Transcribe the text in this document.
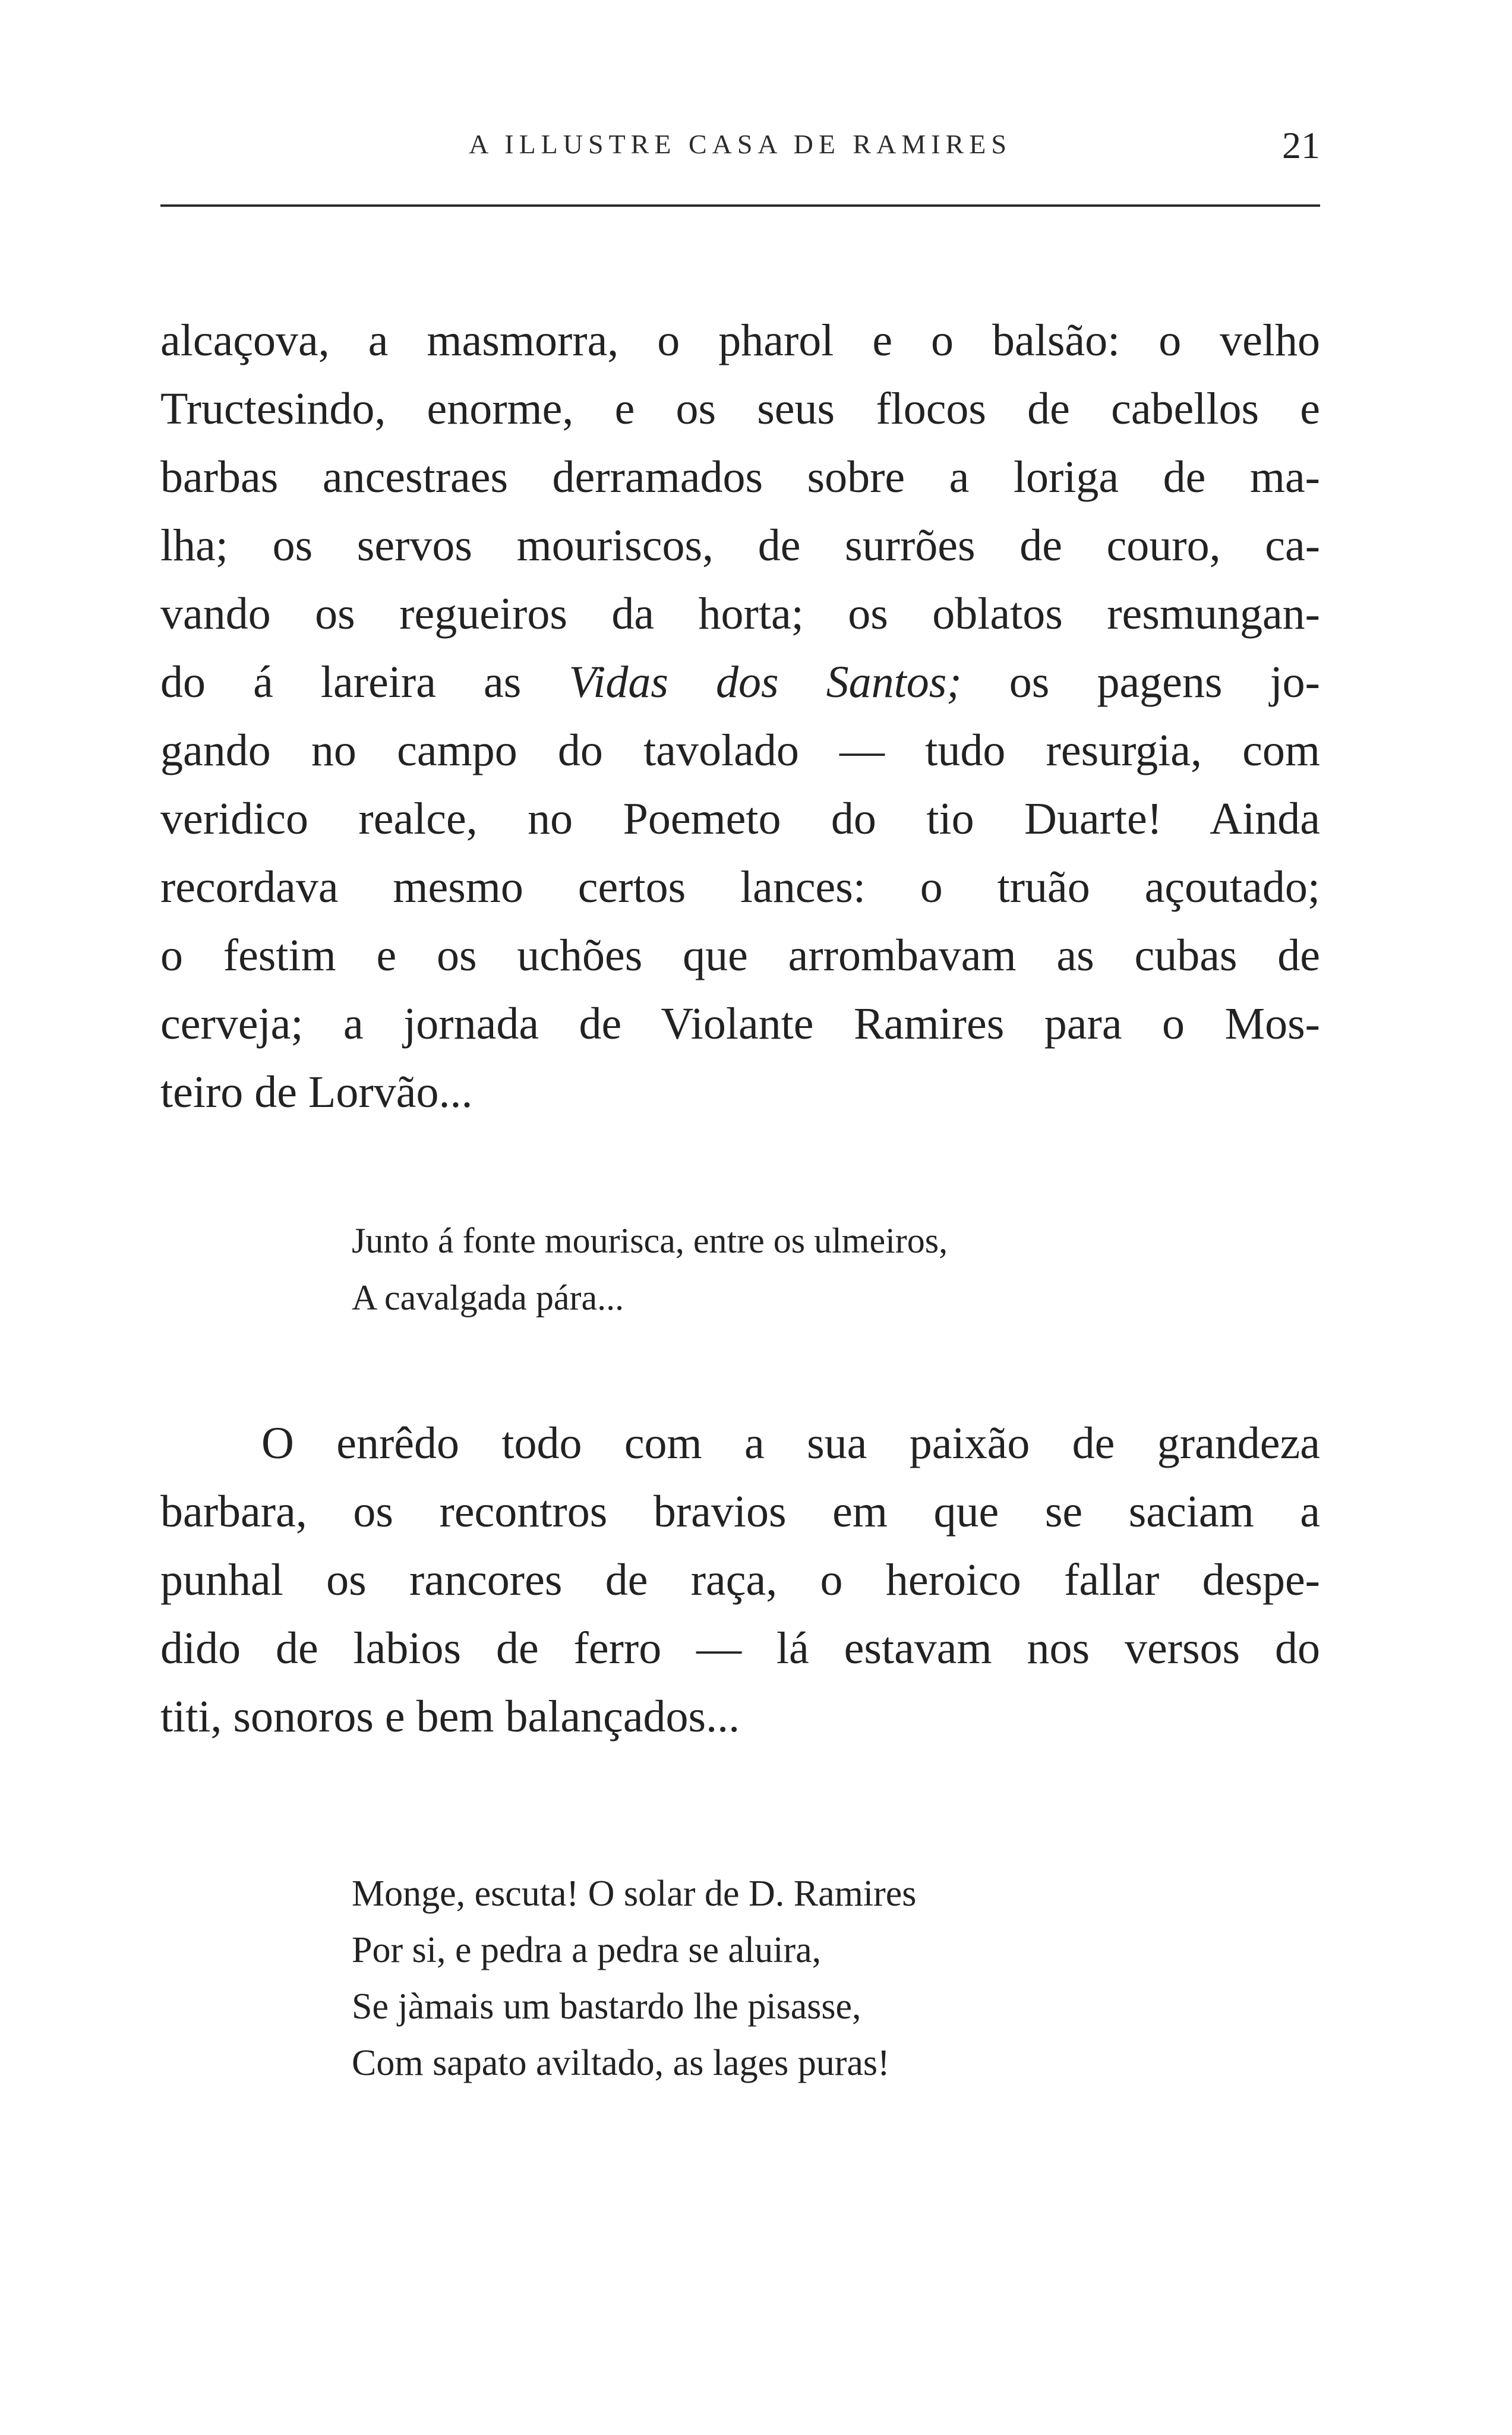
A ILLUSTRE CASA DE RAMIRES	21
alcaçova, a masmorra, o pharol e o balsão: o velho
Tructesindo, enorme, e os seus flocos de cabellos e
barbas ancestraes derramados sobre a loriga de ma-
lha; os servos mouriscos, de surrões de couro, ca-
vando os regueiros da horta; os oblatos resmungan-
do á lareira as Vidas dos Santos; os pagens jo-
gando no campo do tavolado — tudo resurgia, com
veridico realce, no Poemeto do tio Duarte! Ainda
recordava mesmo certos lances: o truão açoutado;
o festim e os uchões que arrombavam as cubas de
cerveja; a jornada de Violante Ramires para o Mos-
teiro de Lorvão...
Junto á fonte mourisca, entre os ulmeiros,
A cavalgada pára...
O enrêdo todo com a sua paixão de grandeza
barbara, os recontros bravios em que se saciam a
punhal os rancores de raça, o heroico fallar despe-
dido de labios de ferro — lá estavam nos versos do
titi, sonoros e bem balançados...
Monge, escuta! O solar de D. Ramires
Por si, e pedra a pedra se aluira,
Se jàmais um bastardo lhe pisasse,
Com sapato aviltado, as lages puras!
